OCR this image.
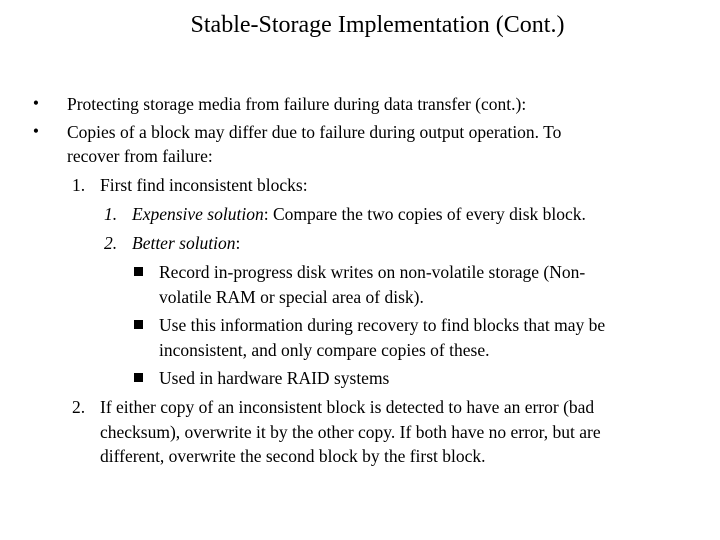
Stable-Storage Implementation (Cont.)
• Protecting storage media from failure during data transfer (cont.):
• Copies of a block may differ due to failure during output operation. To
recover from failure:
1. First find inconsistent blocks:
1. Expensive solution: Compare the two copies of every disk block.
2. Better solution:
Record in-progress disk writes on non-volatile storage (Non-
volatile RAM or special area of disk).
Use this information during recovery to find blocks that may be
inconsistent, and only compare copies of these.
Used in hardware RAID systems
2. If either copy of an inconsistent block is detected to have an error (bad
checksum), overwrite it by the other copy. If both have no error, but are
different, overwrite the second block by the first block.
